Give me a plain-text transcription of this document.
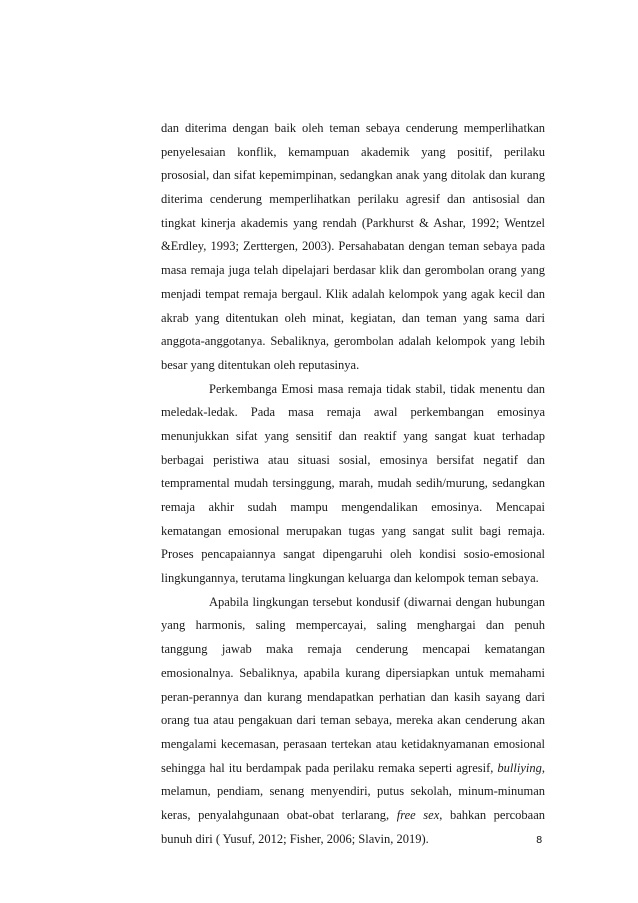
dan diterima dengan baik oleh teman sebaya cenderung memperlihatkan
penyelesaian konflik, kemampuan akademik yang positif, perilaku
prososial, dan sifat kepemimpinan, sedangkan anak yang ditolak dan kurang
diterima cenderung memperlihatkan perilaku agresif dan antisosial dan
tingkat kinerja akademis yang rendah (Parkhurst & Ashar, 1992; Wentzel
&Erdley, 1993; Zerttergen, 2003). Persahabatan dengan teman sebaya pada
masa remaja juga telah dipelajari berdasar klik dan gerombolan orang yang
menjadi tempat remaja bergaul. Klik adalah kelompok yang agak kecil dan
akrab yang ditentukan oleh minat, kegiatan, dan teman yang sama dari
anggota-anggotanya. Sebaliknya, gerombolan adalah kelompok yang lebih
besar yang ditentukan oleh reputasinya.
Perkembanga Emosi masa remaja tidak stabil, tidak menentu dan
meledak-ledak. Pada masa remaja awal perkembangan emosinya
menunjukkan sifat yang sensitif dan reaktif yang sangat kuat terhadap
berbagai peristiwa atau situasi sosial, emosinya bersifat negatif dan
tempramental mudah tersinggung, marah, mudah sedih/murung, sedangkan
remaja akhir sudah mampu mengendalikan emosinya. Mencapai
kematangan emosional merupakan tugas yang sangat sulit bagi remaja.
Proses pencapaiannya sangat dipengaruhi oleh kondisi sosio-emosional
lingkungannya, terutama lingkungan keluarga dan kelompok teman sebaya.
Apabila lingkungan tersebut kondusif (diwarnai dengan hubungan
yang harmonis, saling mempercayai, saling menghargai dan penuh
tanggung jawab maka remaja cenderung mencapai kematangan
emosionalnya. Sebaliknya, apabila kurang dipersiapkan untuk memahami
peran-perannya dan kurang mendapatkan perhatian dan kasih sayang dari
orang tua atau pengakuan dari teman sebaya, mereka akan cenderung akan
mengalami kecemasan, perasaan tertekan atau ketidaknyamanan emosional
sehingga hal itu berdampak pada perilaku remaka seperti agresif, bulliying,
melamun, pendiam, senang menyendiri, putus sekolah, minum-minuman
keras, penyalahgunaan obat-obat terlarang, free sex, bahkan percobaan
bunuh diri ( Yusuf, 2012; Fisher, 2006; Slavin, 2019).	8
